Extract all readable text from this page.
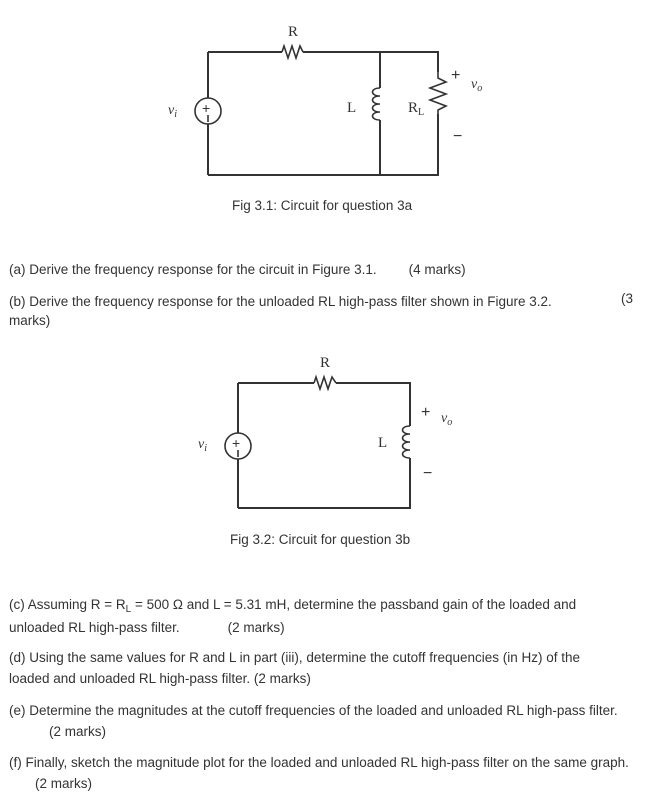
R
L	$R_L$
+
$v_i$
+
$v_o$
−
Fig 3.1: Circuit for question 3a
(a) Derive the frequency response for the circuit in Figure 3.1. (4 marks)
(b) Derive the frequency response for the unloaded RL high-pass filter shown in Figure 3.2.	(3
marks)
R
L
+
$v_i$
+ $v_o$
−
Fig 3.2: Circuit for question 3b
(c) Assuming $R = R_L = 500$ Ω and L = 5.31 mH, determine the passband gain of the loaded and unloaded RL high-pass filter.	(2 marks)
(d) Using the same values for R and L in part (iii), determine the cutoff frequencies (in Hz) of the loaded and unloaded RL high-pass filter. (2 marks)
(e) Determine the magnitudes at the cutoff frequencies of the loaded and unloaded RL high-pass filter.(2 marks)
(f) Finally, sketch the magnitude plot for the loaded and unloaded RL high-pass filter on the same graph.(2 marks)
